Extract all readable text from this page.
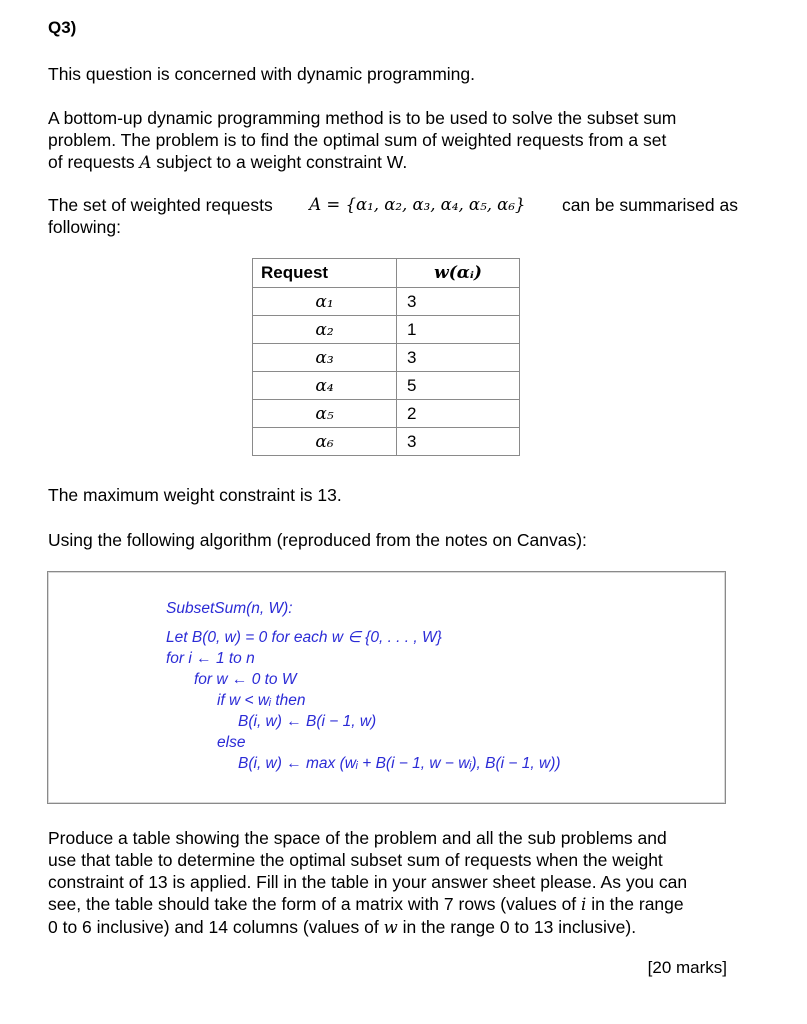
Q3)
This question is concerned with dynamic programming.
A bottom-up dynamic programming method is to be used to solve the subset sum
problem. The problem is to find the optimal sum of weighted requests from a set
of requests A subject to a weight constraint W.
The set of weighted requests A = {α₁, α₂, α₃, α₄, α₅, α₆} can be summarised as
following:
Request	w(αᵢ)
α₁	3
α₂	1
α₃	3
α₄	5
α₅	2
α₆	3
The maximum weight constraint is 13.
Using the following algorithm (reproduced from the notes on Canvas):
SubsetSum(n, W):
Let B(0, w) = 0 for each w ∈ {0, . . . , W}
for i ← 1 to n
for w ← 0 to W
if w < wᵢ then
B(i, w) ← B(i − 1, w)
else
B(i, w) ← max (wᵢ + B(i − 1, w − wᵢ), B(i − 1, w))
Produce a table showing the space of the problem and all the sub problems and
use that table to determine the optimal subset sum of requests when the weight
constraint of 13 is applied. Fill in the table in your answer sheet please. As you can
see, the table should take the form of a matrix with 7 rows (values of i in the range
0 to 6 inclusive) and 14 columns (values of w in the range 0 to 13 inclusive).
[20 marks]
